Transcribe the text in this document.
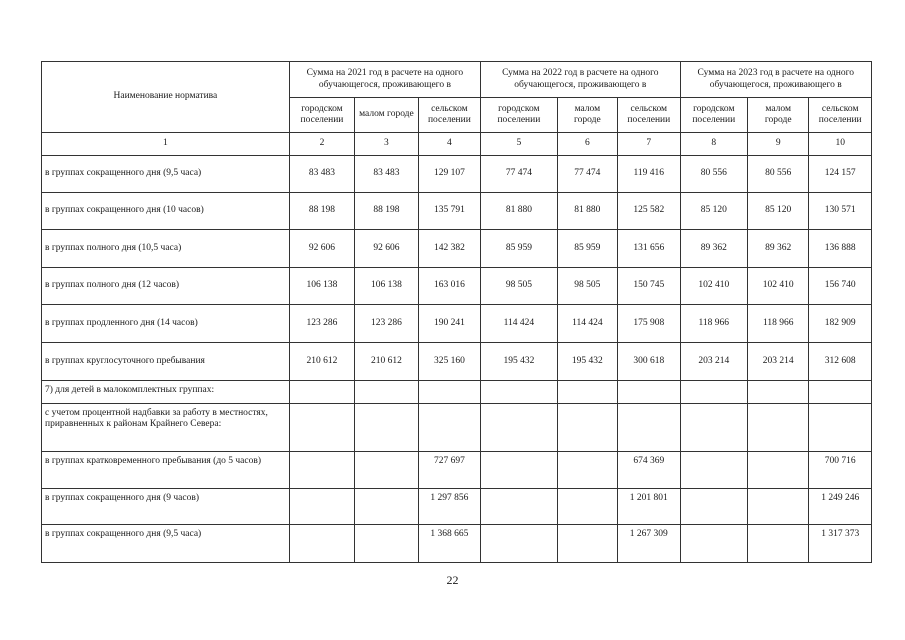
Наименование норматива	Сумма на 2021 год в расчете на одного обучающегося, проживающего в			Сумма на 2022 год в расчете на одного обучающегося, проживающего в			Сумма на 2023 год в расчете на одного обучающегося, проживающего в		
	городском поселении	малом городе	сельском поселении	городском поселении	малом городе	сельском поселении	городском поселении	малом городе	сельском поселении
1	2	3	4	5	6	7	8	9	10
в группах сокращенного дня (9,5 часа)	83 483	83 483	129 107	77 474	77 474	119 416	80 556	80 556	124 157
в группах сокращенного дня (10 часов)	88 198	88 198	135 791	81 880	81 880	125 582	85 120	85 120	130 571
в группах полного дня (10,5 часа)	92 606	92 606	142 382	85 959	85 959	131 656	89 362	89 362	136 888
в группах полного дня (12 часов)	106 138	106 138	163 016	98 505	98 505	150 745	102 410	102 410	156 740
в группах продленного дня (14 часов)	123 286	123 286	190 241	114 424	114 424	175 908	118 966	118 966	182 909
в группах круглосуточного пребывания	210 612	210 612	325 160	195 432	195 432	300 618	203 214	203 214	312 608
7) для детей в малокомплектных группах:									
с учетом процентной надбавки за работу в местностях, приравненных к районам Крайнего Севера:									
в группах кратковременного пребывания (до 5 часов)			727 697			674 369			700 716
в группах сокращенного дня (9 часов)			1 297 856			1 201 801			1 249 246
в группах сокращенного дня (9,5 часа)			1 368 665			1 267 309			1 317 373
22
